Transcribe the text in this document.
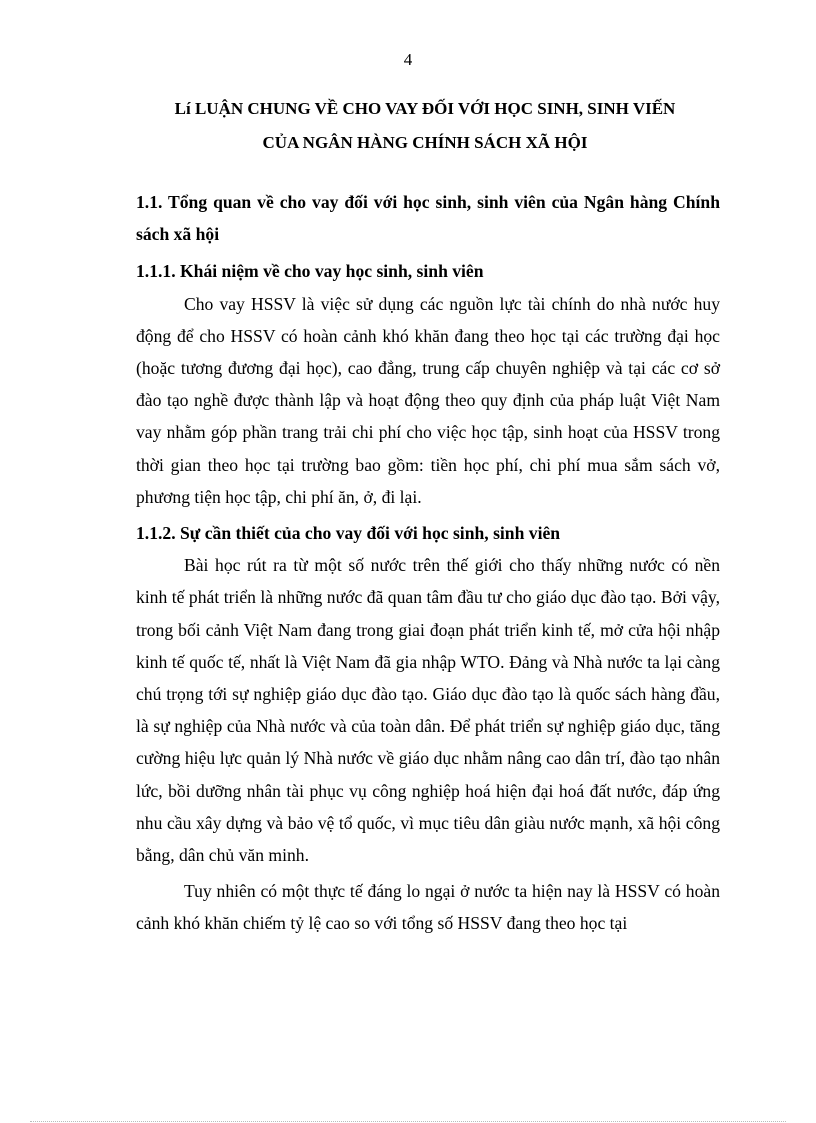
4
Lí LUẬN CHUNG VỀ CHO VAY ĐỐI VỚI HỌC SINH, SINH VIẾN
CỦA NGÂN HÀNG CHÍNH SÁCH XÃ HỘI

1.1. Tổng quan về cho vay đối với học sinh, sinh viên của Ngân hàng Chính sách xã hội

1.1.1. Khái niệm về cho vay học sinh, sinh viên

Cho vay HSSV là việc sử dụng các nguồn lực tài chính do nhà nước huy động để cho HSSV có hoàn cảnh khó khăn đang theo học tại các trường đại học (hoặc tương đương đại học), cao đẳng, trung cấp chuyên nghiệp và tại các cơ sở đào tạo nghề được thành lập và hoạt động theo quy định của pháp luật Việt Nam vay nhằm góp phần trang trải chi phí cho việc học tập, sinh hoạt của HSSV trong thời gian theo học tại trường bao gồm: tiền học phí, chi phí mua sắm sách vở, phương tiện học tập, chi phí ăn, ở, đi lại.

1.1.2. Sự cần thiết của cho vay đối với học sinh, sinh viên

Bài học rút ra từ một số nước trên thế giới cho thấy những nước có nền kinh tế phát triển là những nước đã quan tâm đầu tư cho giáo dục đào tạo. Bởi vậy, trong bối cảnh Việt Nam đang trong giai đoạn phát triển kinh tế, mở cửa hội nhập kinh tế quốc tế, nhất là Việt Nam đã gia nhập WTO. Đảng và Nhà nước ta lại càng chú trọng tới sự nghiệp giáo dục đào tạo. Giáo dục đào tạo là quốc sách hàng đầu, là sự nghiệp của Nhà nước và của toàn dân. Để phát triển sự nghiệp giáo dục, tăng cường hiệu lực quản lý Nhà nước về giáo dục nhằm nâng cao dân trí, đào tạo nhân lức, bồi dưỡng nhân tài phục vụ công nghiệp hoá hiện đại hoá đất nước, đáp ứng nhu cầu xây dựng và bảo vệ tổ quốc, vì mục tiêu dân giàu nước mạnh, xã hội công bằng, dân chủ văn minh.

Tuy nhiên có một thực tế đáng lo ngại ở nước ta hiện nay là HSSV có hoàn cảnh khó khăn chiếm tỷ lệ cao so với tổng số HSSV đang theo học tại
